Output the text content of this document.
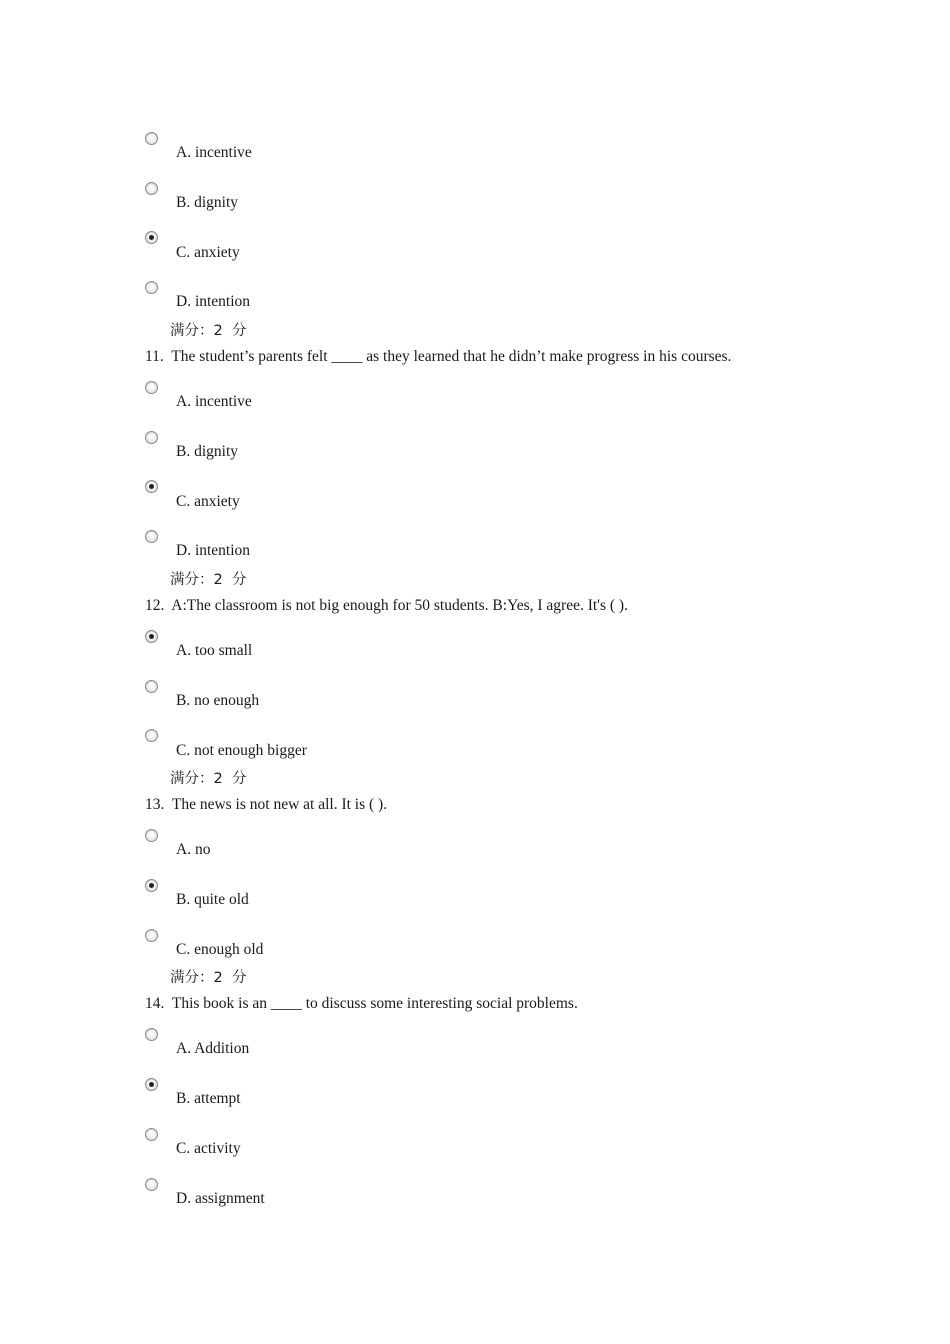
A. incentive
B. dignity
C. anxiety
D. intention
满分：2  分
11.  The student’s parents felt ____ as they learned that he didn’t make progress in his courses.
A. incentive
B. dignity
C. anxiety
D. intention
满分：2  分
12.  A:The classroom is not big enough for 50 students. B:Yes, I agree. It's ( ).
A. too small
B. no enough
C. not enough bigger
满分：2  分
13.  The news is not new at all. It is ( ).
A. no
B. quite old
C. enough old
满分：2  分
14.  This book is an ____ to discuss some interesting social problems.
A. Addition
B. attempt
C. activity
D. assignment
